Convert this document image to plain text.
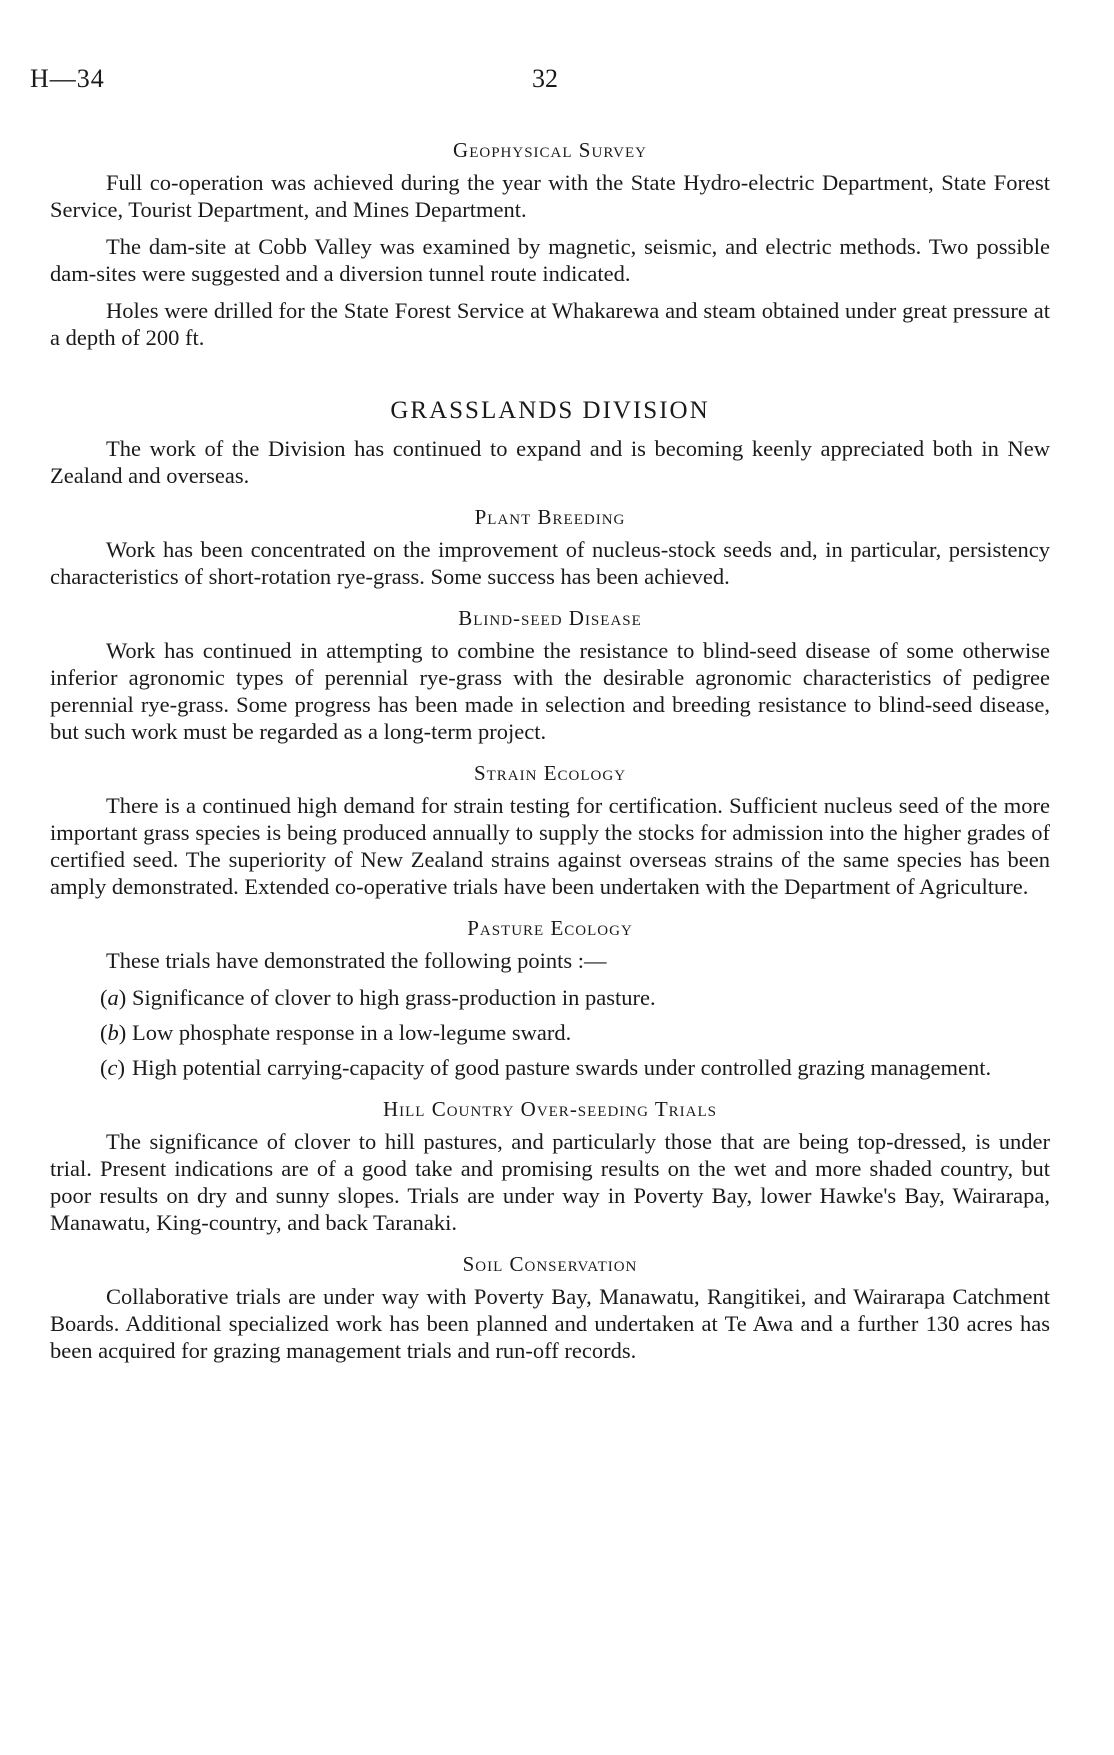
H—34	32
Geophysical Survey

Full co-operation was achieved during the year with the State Hydro-electric Department, State Forest Service, Tourist Department, and Mines Department.

The dam-site at Cobb Valley was examined by magnetic, seismic, and electric methods. Two possible dam-sites were suggested and a diversion tunnel route indicated.

Holes were drilled for the State Forest Service at Whakarewa and steam obtained under great pressure at a depth of 200 ft.

GRASSLANDS DIVISION

The work of the Division has continued to expand and is becoming keenly appreciated both in New Zealand and overseas.

Plant Breeding

Work has been concentrated on the improvement of nucleus-stock seeds and, in particular, persistency characteristics of short-rotation rye-grass. Some success has been achieved.

Blind-seed Disease

Work has continued in attempting to combine the resistance to blind-seed disease of some otherwise inferior agronomic types of perennial rye-grass with the desirable agronomic characteristics of pedigree perennial rye-grass. Some progress has been made in selection and breeding resistance to blind-seed disease, but such work must be regarded as a long-term project.

Strain Ecology

There is a continued high demand for strain testing for certification. Sufficient nucleus seed of the more important grass species is being produced annually to supply the stocks for admission into the higher grades of certified seed. The superiority of New Zealand strains against overseas strains of the same species has been amply demonstrated. Extended co-operative trials have been undertaken with the Department of Agriculture.

Pasture Ecology

These trials have demonstrated the following points :—

(a) Significance of clover to high grass-production in pasture.

(b) Low phosphate response in a low-legume sward.

(c) High potential carrying-capacity of good pasture swards under controlled grazing management.

Hill Country Over-seeding Trials

The significance of clover to hill pastures, and particularly those that are being top-dressed, is under trial. Present indications are of a good take and promising results on the wet and more shaded country, but poor results on dry and sunny slopes. Trials are under way in Poverty Bay, lower Hawke's Bay, Wairarapa, Manawatu, King-country, and back Taranaki.

Soil Conservation

Collaborative trials are under way with Poverty Bay, Manawatu, Rangitikei, and Wairarapa Catchment Boards. Additional specialized work has been planned and undertaken at Te Awa and a further 130 acres has been acquired for grazing management trials and run-off records.
